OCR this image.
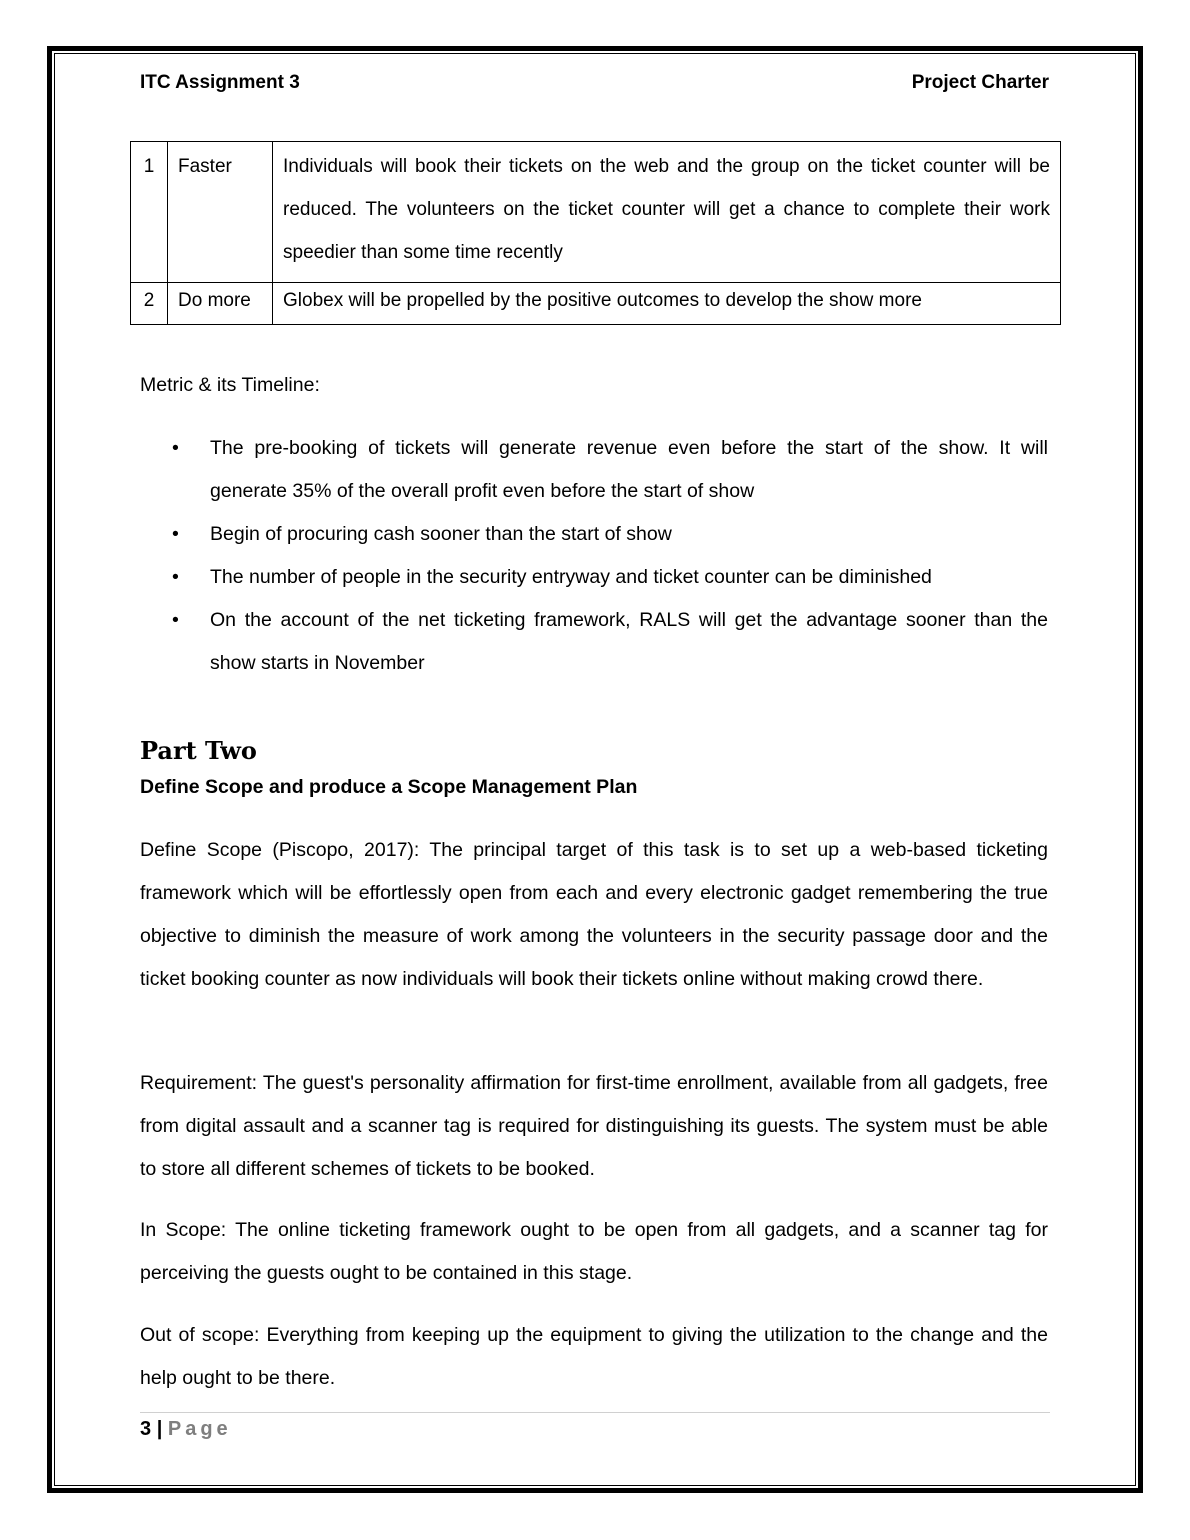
ITC Assignment 3	Project Charter
1	Faster	Individuals will book their tickets on the web and the group on the ticket counter will be reduced. The volunteers on the ticket counter will get a chance to complete their work speedier than some time recently
2	Do more	Globex will be propelled by the positive outcomes to develop the show more
Metric & its Timeline:
• The pre-booking of tickets will generate revenue even before the start of the show. It will generate 35% of the overall profit even before the start of show
• Begin of procuring cash sooner than the start of show
• The number of people in the security entryway and ticket counter can be diminished
• On the account of the net ticketing framework, RALS will get the advantage sooner than the show starts in November
Part Two
Define Scope and produce a Scope Management Plan
Define Scope (Piscopo, 2017): The principal target of this task is to set up a web-based ticketing framework which will be effortlessly open from each and every electronic gadget remembering the true objective to diminish the measure of work among the volunteers in the security passage door and the ticket booking counter as now individuals will book their tickets online without making crowd there.
Requirement: The guest's personality affirmation for first-time enrollment, available from all gadgets, free from digital assault and a scanner tag is required for distinguishing its guests. The system must be able to store all different schemes of tickets to be booked.
In Scope: The online ticketing framework ought to be open from all gadgets, and a scanner tag for perceiving the guests ought to be contained in this stage.
Out of scope: Everything from keeping up the equipment to giving the utilization to the change and the help ought to be there.
3 | Page
